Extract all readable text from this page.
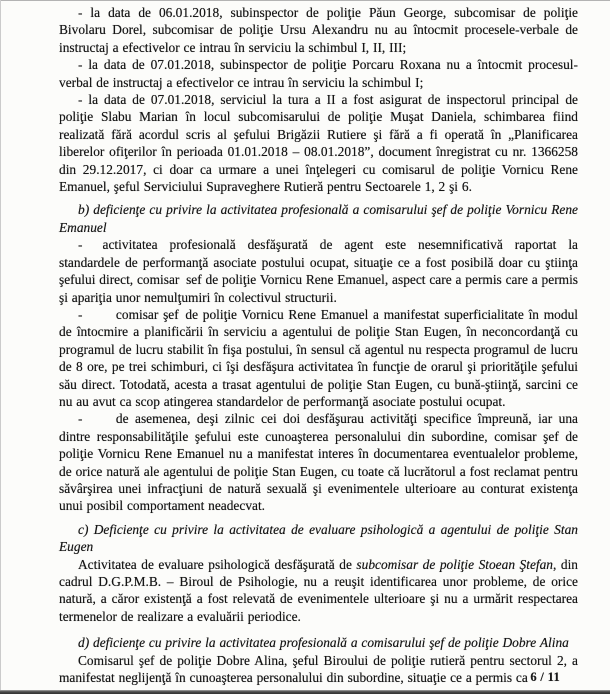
- la data de 06.01.2018, subinspector de poliţie Păun George, subcomisar de poliţie Bivolaru Dorel, subcomisar de poliţie Ursu Alexandru nu au întocmit procesele-verbale de instructaj a efectivelor ce intrau în serviciu la schimbul I, II, III;

- la data de 07.01.2018, subinspector de poliţie Porcaru Roxana nu a întocmit procesul-verbal de instructaj a efectivelor ce intrau în serviciu la schimbul I;

- la data de 07.01.2018, serviciul la tura a II a fost asigurat de inspectorul principal de poliţie Slabu Marian în locul subcomisarului de poliţie Muşat Daniela, schimbarea fiind realizată fără acordul scris al şefului Brigăzii Rutiere şi fără a fi operată în „Planificarea liberelor ofiţerilor în perioada 01.01.2018 – 08.01.2018”, document înregistrat cu nr. 1366258 din 29.12.2017, ci doar ca urmare a unei înţelegeri cu comisarul de poliţie Vornicu Rene Emanuel, şeful Serviciului Supraveghere Rutieră pentru Sectoarele 1, 2 şi 6.

b) deficienţe cu privire la activitatea profesională a comisarului şef de poliţie Vornicu Rene Emanuel

-  activitatea profesională desfăşurată de agent este nesemnificativă raportat la standardele de performanţă asociate postului ocupat, situaţie ce a fost posibilă doar cu ştiinţa şefului direct, comisar sef de poliţie Vornicu Rene Emanuel, aspect care a permis care a permis şi apariţia unor nemulţumiri în colectivul structurii.

-   comisar şef de poliţie Vornicu Rene Emanuel a manifestat superficialitate în modul de întocmire a planificării în serviciu a agentului de poliţie Stan Eugen, în neconcordanţă cu programul de lucru stabilit în fişa postului, în sensul că agentul nu respecta programul de lucru de 8 ore, pe trei schimburi, ci îşi desfăşura activitatea în funcţie de orarul şi priorităţile şefului său direct. Totodată, acesta a trasat agentului de poliţie Stan Eugen, cu bună-ştiinţă, sarcini ce nu au avut ca scop atingerea standardelor de performanţă asociate postului ocupat.

-   de asemenea, deşi zilnic cei doi desfăşurau activităţi specifice împreună, iar una dintre responsabilităţile şefului este cunoaşterea personalului din subordine, comisar şef de poliţie Vornicu Rene Emanuel nu a manifestat interes în documentarea eventualelor probleme, de orice natură ale agentului de poliţie Stan Eugen, cu toate că lucrătorul a fost reclamat pentru săvârşirea unei infracţiuni de natură sexuală şi evenimentele ulterioare au conturat existenţa unui posibil comportament neadecvat.

c) Deficienţe cu privire la activitatea de evaluare psihologică a agentului de poliţie Stan Eugen

Activitatea de evaluare psihologică desfăşurată de subcomisar de poliţie Stoean Ştefan, din cadrul D.G.P.M.B. – Biroul de Psihologie, nu a reuşit identificarea unor probleme, de orice natură, a căror existenţă a fost relevată de evenimentele ulterioare şi nu a urmărit respectarea termenelor de realizare a evaluării periodice.

d) deficienţe cu privire la activitatea profesională a comisarului şef de poliţie Dobre Alina

Comisarul şef de poliţie Dobre Alina, şeful Biroului de poliţie rutieră pentru sectorul 2, a manifestat neglijenţă în cunoaşterea personalului din subordine, situaţie ce a permis ca 6 / 11
